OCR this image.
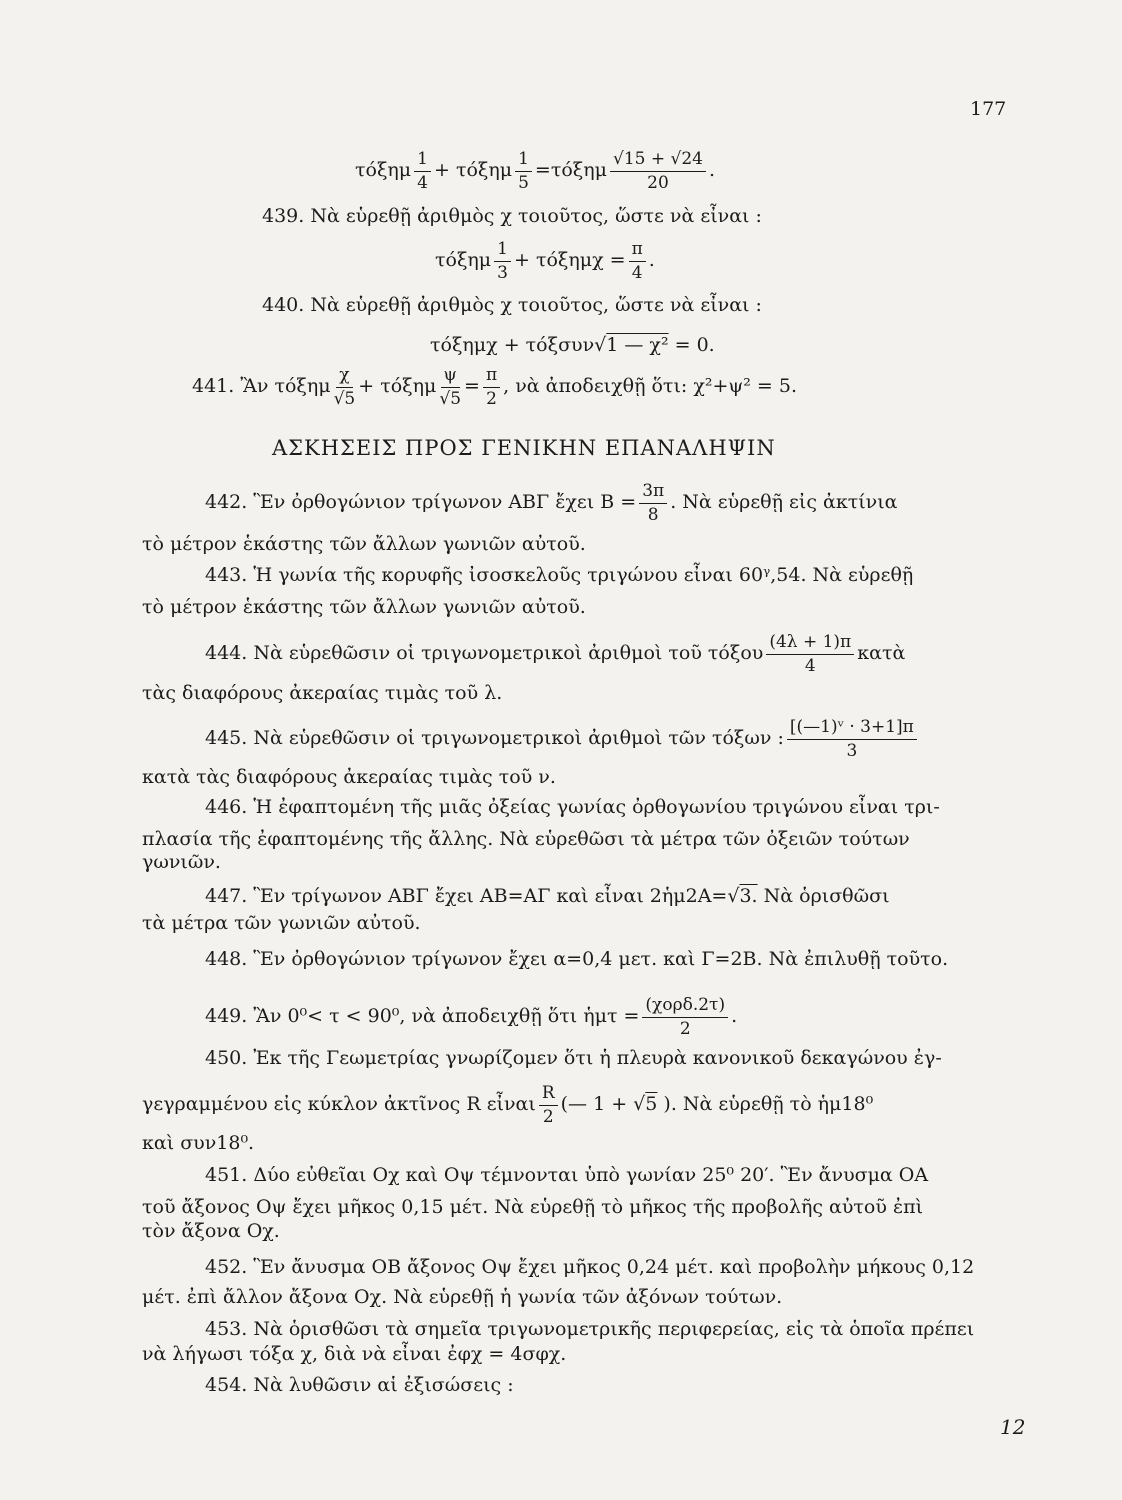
177
τόξημ $\frac{1}{4} + \tau ό\xi\eta\mu \frac{1}{5} =\tau ό\xi\eta\mu \frac{√15 + √24}{20}$ .
439. Νὰ εὑρεθῇ ἀριθμὸς χ τοιοῦτος, ὥστε νὰ εἶναι :
τόξημ $\frac{1}{3} + \tau ό\xi\eta\mu\chi = \frac{\pi}{4}$ .
440. Νὰ εὑρεθῇ ἀριθμὸς χ τοιοῦτος, ὥστε νὰ εἶναι :
τόξημχ + τόξσυν√1 — χ² = 0.
441. Ἂν τόξημ $\frac{\chi}{√5} + \tau ό\xi\eta\mu \frac{\psi}{√5} = \frac{\pi}{2}$ , νὰ ἀποδειχθῇ ὅτι: χ²+ψ² = 5.
ΑΣΚΗΣΕΙΣ ΠΡΟΣ ΓΕΝΙΚΗΝ ΕΠΑΝΑΛΗΨΙΝ
442. Ἓν ὀρθογώνιον τρίγωνον ΑΒΓ ἔχει $B = \frac{3\pi}{8}$ . Νὰ εὑρεθῇ εἰς ἀκτίνια
τὸ μέτρον ἑκάστης τῶν ἄλλων γωνιῶν αὐτοῦ.
443. Ἡ γωνία τῆς κορυφῆς ἰσοσκελοῦς τριγώνου εἶναι 60ᵞ,54. Νὰ εὑρεθῇ
τὸ μέτρον ἑκάστης τῶν ἄλλων γωνιῶν αὐτοῦ.
444. Νὰ εὑρεθῶσιν οἱ τριγωνομετρικοὶ ἀριθμοὶ τοῦ τόξου $\frac{(4\lambda + 1)\pi}{4}$ κατὰ
τὰς διαφόρους ἀκεραίας τιμὰς τοῦ λ.
445. Νὰ εὑρεθῶσιν οἱ τριγωνομετρικοὶ ἀριθμοὶ τῶν τόξων : $\frac{\text{[(—1)ᵛ · 3+1]π}}{3}$
κατὰ τὰς διαφόρους ἀκεραίας τιμὰς τοῦ ν.
446. Ἡ ἐφαπτομένη τῆς μιᾶς ὀξείας γωνίας ὀρθογωνίου τριγώνου εἶναι τρι-
πλασία τῆς ἐφαπτομένης τῆς ἄλλης. Νὰ εὑρεθῶσι τὰ μέτρα τῶν ὀξειῶν τούτων
γωνιῶν.
447. Ἓν τρίγωνον ΑΒΓ ἔχει ΑΒ=ΑΓ καὶ εἶναι 2ἡμ2Α=√3. Νὰ ὁρισθῶσι
τὰ μέτρα τῶν γωνιῶν αὐτοῦ.
448. Ἓν ὀρθογώνιον τρίγωνον ἔχει α=0,4 μετ. καὶ Γ=2Β. Νὰ ἐπιλυθῇ τοῦτο.
449. Ἂν 0⁰< τ < 90⁰, νὰ ἀποδειχθῇ ὅτι ἡμτ = $\frac{\text{(χορδ.2τ)}}{2}$ .
450. Ἐκ τῆς Γεωμετρίας γνωρίζομεν ὅτι ἡ πλευρὰ κανονικοῦ δεκαγώνου ἐγ-
γεγραμμένου εἰς κύκλον ἀκτῖνος R εἶναι $\frac{R}{2}$ (— 1 + √5 ). Νὰ εὑρεθῇ τὸ ἡμ18⁰
καὶ συν18⁰.
451. Δύο εὐθεῖαι Οχ καὶ Οψ τέμνονται ὑπὸ γωνίαν 25⁰ 20′. Ἓν ἄνυσμα ΟΑ
τοῦ ἄξονος Οψ ἔχει μῆκος 0,15 μέτ. Νὰ εὑρεθῇ τὸ μῆκος τῆς προβολῆς αὐτοῦ ἐπὶ
τὸν ἄξονα Οχ.
452. Ἓν ἄνυσμα ΟΒ ἄξονος Οψ ἔχει μῆκος 0,24 μέτ. καὶ προβολὴν μήκους 0,12
μέτ. ἐπὶ ἄλλον ἄξονα Οχ. Νὰ εὑρεθῇ ἡ γωνία τῶν ἀξόνων τούτων.
453. Νὰ ὁρισθῶσι τὰ σημεῖα τριγωνομετρικῆς περιφερείας, εἰς τὰ ὁποῖα πρέπει
νὰ λήγωσι τόξα χ, διὰ νὰ εἶναι ἐφχ = 4σφχ.
454. Νὰ λυθῶσιν αἱ ἐξισώσεις :
12
